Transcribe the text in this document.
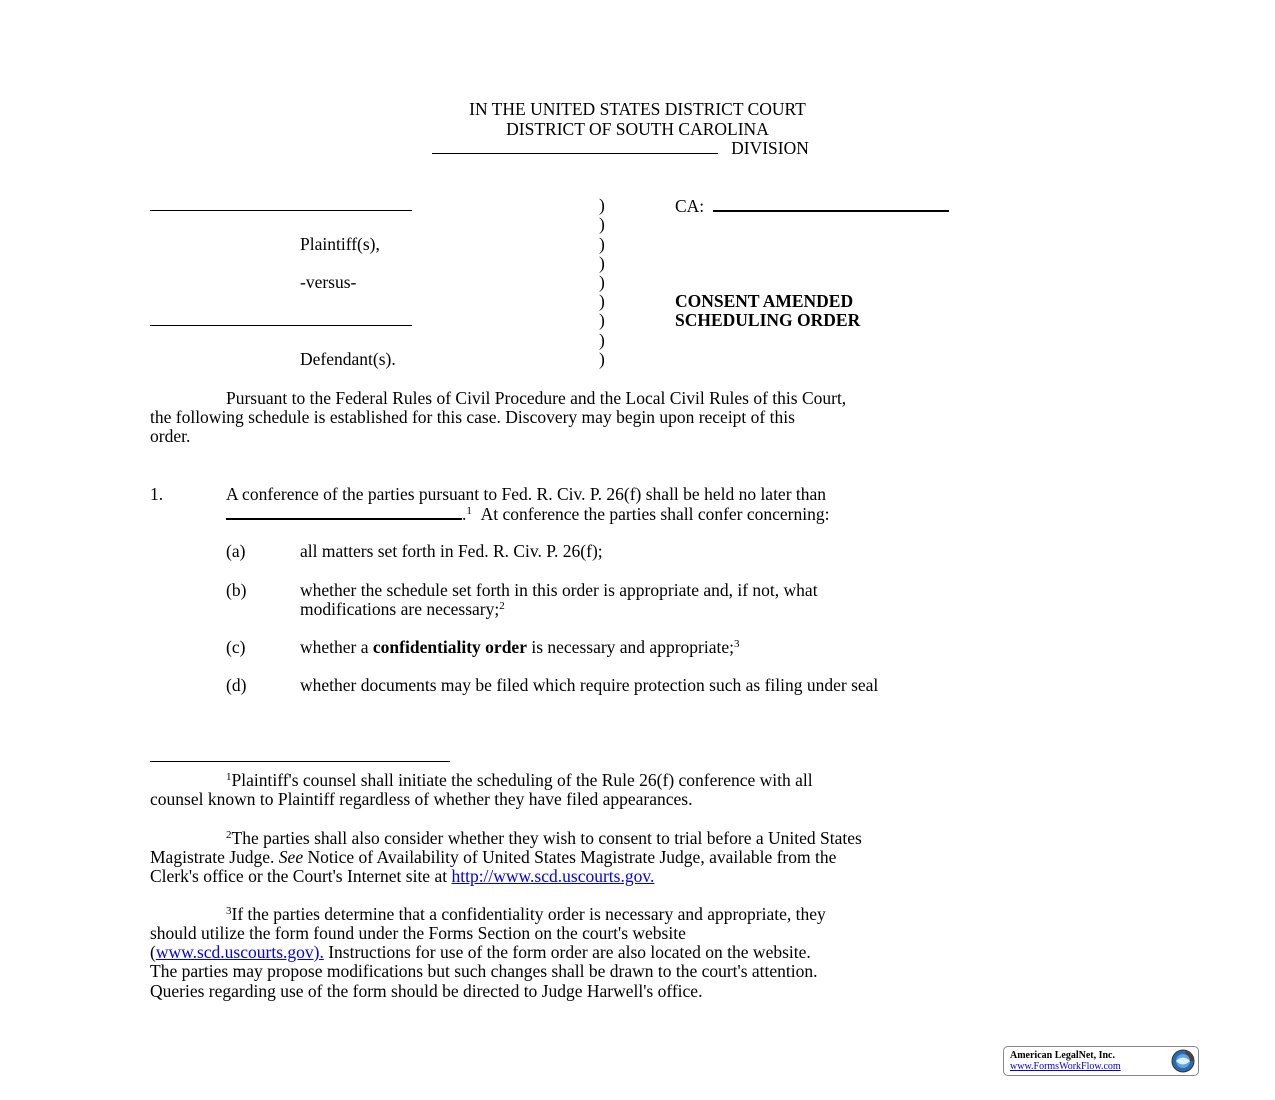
IN THE UNITED STATES DISTRICT COURT
DISTRICT OF SOUTH CAROLINA
DIVISION
Plaintiff(s),
-versus-
Defendant(s).
)
)
)
)
)
)
)
)
)
CA:
CONSENT AMENDED
SCHEDULING ORDER
Pursuant to the Federal Rules of Civil Procedure and the Local Civil Rules of this Court,
the following schedule is established for this case. Discovery may begin upon receipt of this
order.
1.	A conference of the parties pursuant to Fed. R. Civ. P. 26(f) shall be held no later than
.$^1$ At conference the parties shall confer concerning:
(a)	all matters set forth in Fed. R. Civ. P. 26(f);
(b)	whether the schedule set forth in this order is appropriate and, if not, what
modifications are necessary;$^2$
(c)	whether a confidentiality order is necessary and appropriate;$^3$
(d)	whether documents may be filed which require protection such as filing under seal
$^1$Plaintiff's counsel shall initiate the scheduling of the Rule 26(f) conference with all
counsel known to Plaintiff regardless of whether they have filed appearances.
$^2$The parties shall also consider whether they wish to consent to trial before a United States
Magistrate Judge. See Notice of Availability of United States Magistrate Judge, available from the
Clerk's office or the Court's Internet site at http://www.scd.uscourts.gov.
$^3$If the parties determine that a confidentiality order is necessary and appropriate, they
should utilize the form found under the Forms Section on the court's website
(www.scd.uscourts.gov). Instructions for use of the form order are also located on the website.
The parties may propose modifications but such changes shall be drawn to the court's attention.
Queries regarding use of the form should be directed to Judge Harwell's office.
American LegalNet, Inc.
www.FormsWorkFlow.com
